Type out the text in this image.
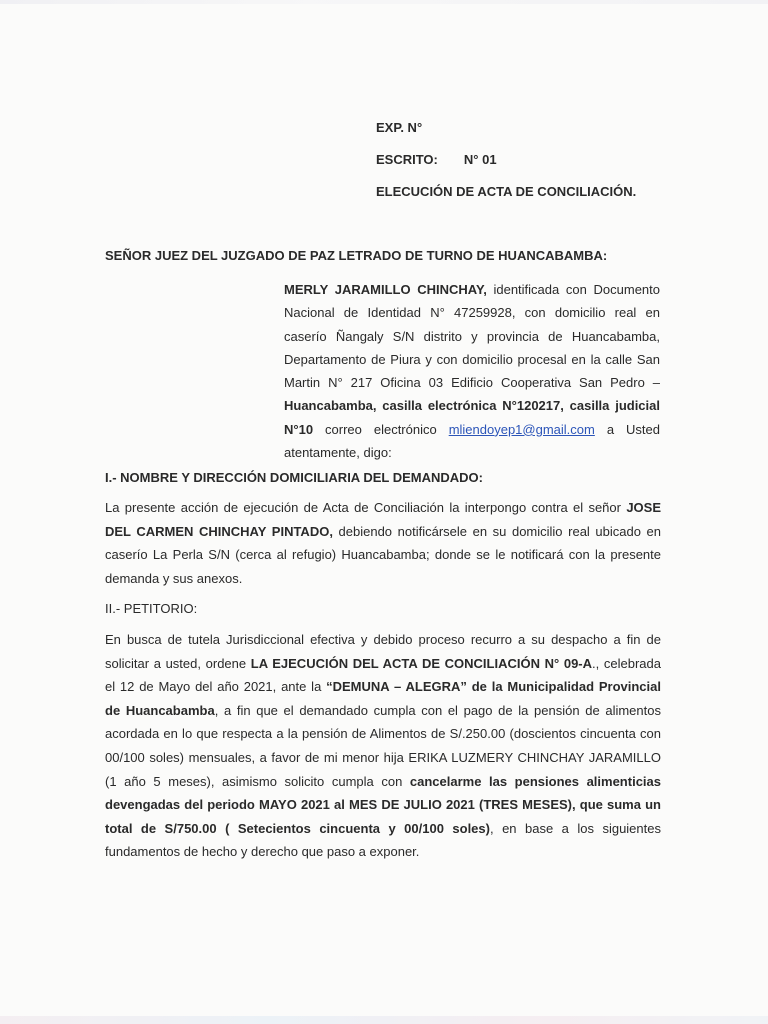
EXP. N°
ESCRITO: N° 01
ELECUCIÓN DE ACTA DE CONCILIACIÓN.
SEÑOR JUEZ DEL JUZGADO DE PAZ LETRADO DE TURNO DE HUANCABAMBA:
MERLY JARAMILLO CHINCHAY, identificada con Documento Nacional de Identidad N° 47259928, con domicilio real en caserío Ñangaly S/N distrito y provincia de Huancabamba, Departamento de Piura y con domicilio procesal en la calle San Martin N° 217 Oficina 03 Edificio Cooperativa San Pedro – Huancabamba, casilla electrónica N°120217, casilla judicial N°10 correo electrónico mliendoyep1@gmail.com a Usted atentamente, digo:
I.- NOMBRE Y DIRECCIÓN DOMICILIARIA DEL DEMANDADO:
La presente acción de ejecución de Acta de Conciliación la interpongo contra el señor JOSE DEL CARMEN CHINCHAY PINTADO, debiendo notificársele en su domicilio real ubicado en caserío La Perla S/N (cerca al refugio) Huancabamba; donde se le notificará con la presente demanda y sus anexos.
II.- PETITORIO:
En busca de tutela Jurisdiccional efectiva y debido proceso recurro a su despacho a fin de solicitar a usted, ordene LA EJECUCIÓN DEL ACTA DE CONCILIACIÓN N° 09-A., celebrada el 12 de Mayo del año 2021, ante la “DEMUNA – ALEGRA” de la Municipalidad Provincial de Huancabamba, a fin que el demandado cumpla con el pago de la pensión de alimentos acordada en lo que respecta a la pensión de Alimentos de S/.250.00 (doscientos cincuenta con 00/100 soles) mensuales, a favor de mi menor hija ERIKA LUZMERY CHINCHAY JARAMILLO (1 año 5 meses), asimismo solicito cumpla con cancelarme las pensiones alimenticias devengadas del periodo MAYO 2021 al MES DE JULIO 2021 (TRES MESES), que suma un total de S/750.00 ( Setecientos cincuenta y 00/100 soles), en base a los siguientes fundamentos de hecho y derecho que paso a exponer.
